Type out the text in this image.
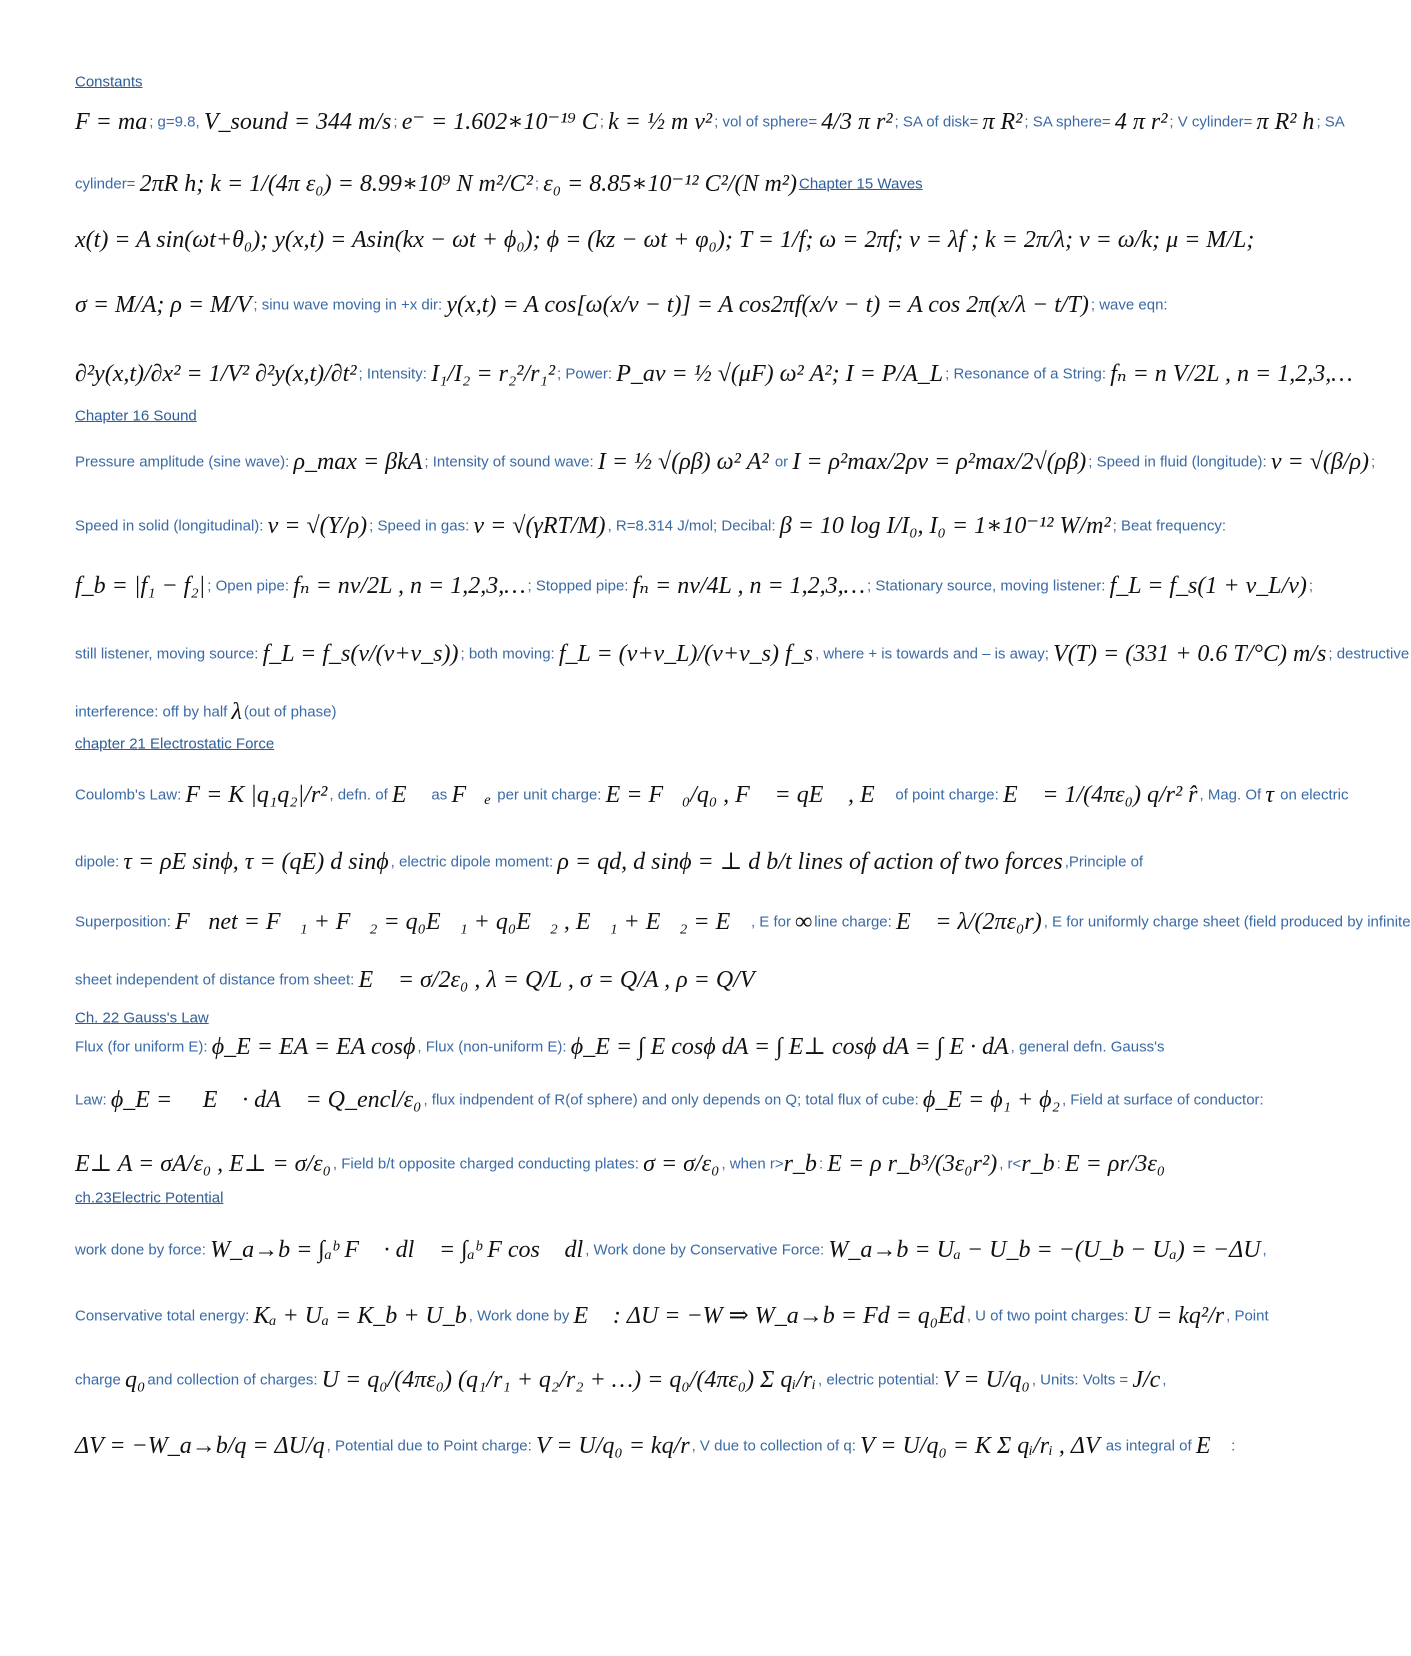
Constants
F = ma ; g=9.8, V_sound = 344 m/s ; e⁻ = 1.602∗10⁻¹⁹ C ; k = ½ m v² ; vol of sphere= 4/3 π r² ; SA of disk= π R² ; SA sphere= 4 π r² ; V cylinder= π R² h ; SA
cylinder= 2πR h; k = 1/(4π ε₀) = 8.99∗10⁹ N m²/C² ; ε₀ = 8.85∗10⁻¹² C²/(N m²) Chapter 15 Waves
x(t) = A sin(ωt+θ₀); y(x,t) = Asin(kx − ωt + ϕ₀); ϕ = (kz − ωt + φ₀); T = 1/f; ω = 2πf; v = λf ; k = 2π/λ; v = ω/k; μ = M/L;
σ = M/A; ρ = M/V ; sinu wave moving in +x dir: y(x,t) = A cos[ω(x/v − t)] = A cos2πf(x/v − t) = A cos 2π(x/λ − t/T) ; wave eqn:
∂²y(x,t)/∂x² = 1/V² ∂²y(x,t)/∂t² ; Intensity: I₁/I₂ = r₂²/r₁² ; Power: P_av = ½ √(μF) ω² A²; I = P/A_L ; Resonance of a String: fₙ = n V/2L , n = 1,2,3,…
Chapter 16 Sound
Pressure amplitude (sine wave): ρ_max = βkA ; Intensity of sound wave: I = ½ √(ρβ) ω² A² or I = ρ²max/2ρv = ρ²max/2√(ρβ) ; Speed in fluid (longitude): v = √(β/ρ) ;
Speed in solid (longitudinal): v = √(Y/ρ) ; Speed in gas: v = √(γRT/M) , R=8.314 J/mol; Decibal: β = 10 log I/I₀, I₀ = 1∗10⁻¹² W/m² ; Beat frequency:
f_b = |f₁ − f₂| ; Open pipe: fₙ = nv/2L , n = 1,2,3,… ; Stopped pipe: fₙ = nv/4L , n = 1,2,3,… ; Stationary source, moving listener: f_L = f_s(1 + v_L/v) ;
still listener, moving source: f_L = f_s(v/(v+v_s)) ; both moving: f_L = (v+v_L)/(v+v_s) f_s , where + is towards and – is away; V(T) = (331 + 0.6 T/°C) m/s ; destructive
interference: off by half λ (out of phase)
chapter 21 Electrostatic Force
Coulomb's Law: F = K |q₁q₂|/r² , defn. of E⃗ as F⃗ₑ per unit charge: E = F⃗₀/q₀ , F⃗ = qE⃗ , E⃗ of point charge: E⃗ = 1/(4πε₀) q/r² r̂ , Mag. Of τ on electric
dipole: τ = ρE sinϕ, τ = (qE) d sinϕ , electric dipole moment: ρ = qd, d sinϕ = ⊥ d b/t lines of action of two forces ,Principle of
Superposition: F⃗net = F⃗₁ + F⃗₂ = q₀E⃗₁ + q₀E⃗₂ , E⃗₁ + E⃗₂ = E⃗ , E for ∞ line charge: E⃗ = λ/(2πε₀r) , E for uniformly charge sheet (field produced by infinite
sheet independent of distance from sheet: E⃗ = σ/2ε₀ , λ = Q/L , σ = Q/A , ρ = Q/V
Ch. 22 Gauss's Law
Flux (for uniform E): ϕ_E = EA = EA cosϕ , Flux (non-uniform E): ϕ_E = ∫ E cosϕ dA = ∫ E⊥ cosϕ dA = ∫ E · dA , general defn. Gauss's
Law: ϕ_E = ∮ E⃗ · dA⃗ = Q_encl/ε₀ , flux indpendent of R(of sphere) and only depends on Q; total flux of cube: ϕ_E = ϕ₁ + ϕ₂ , Field at surface of conductor:
E⊥ A = σA/ε₀ , E⊥ = σ/ε₀ , Field b/t opposite charged conducting plates: σ = σ/ε₀ , when r>r_b : E = ρ r_b³/(3ε₀r²) , r<r_b : E = ρr/3ε₀
ch.23Electric Potential
work done by force: W_a→b = ∫ₐᵇ F⃗ · dl⃗ = ∫ₐᵇ F cos∅ dl , Work done by Conservative Force: W_a→b = Uₐ − U_b = −(U_b − Uₐ) = −ΔU ,
Conservative total energy: Kₐ + Uₐ = K_b + U_b , Work done by E⃗ : ΔU = −W ⇒ W_a→b = Fd = q₀Ed , U of two point charges: U = kq²/r , Point
charge q₀ and collection of charges: U = q₀/(4πε₀) (q₁/r₁ + q₂/r₂ + …) = q₀/(4πε₀) Σ qᵢ/rᵢ , electric potential: V = U/q₀ , Units: Volts = J/c ,
ΔV = −W_a→b/q = ΔU/q , Potential due to Point charge: V = U/q₀ = kq/r , V due to collection of q: V = U/q₀ = K Σ qᵢ/rᵢ , ΔV as integral of E⃗ :
